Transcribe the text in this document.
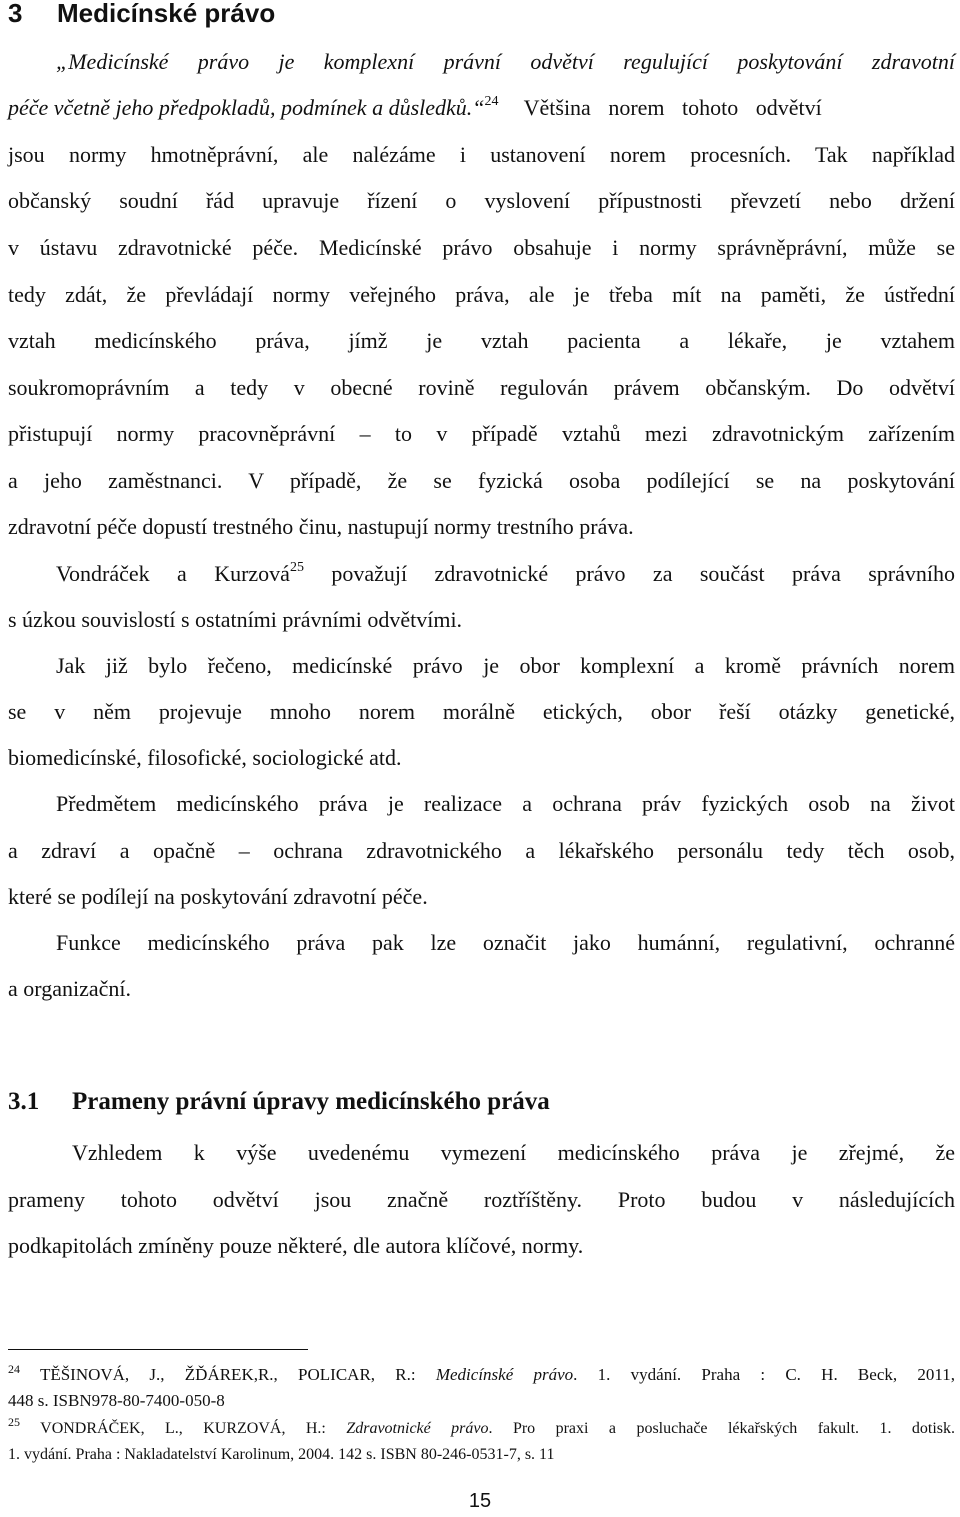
3 Medicínské právo
„Medicínské právo je komplexní právní odvětví regulující poskytování zdravotní
péče včetně jeho předpokladů, podmínek a důsledků.“$^{24}$ Většina norem tohoto odvětví
jsou normy hmotněprávní, ale nalézáme i ustanovení norem procesních. Tak například
občanský soudní řád upravuje řízení o vyslovení přípustnosti převzetí nebo držení
v ústavu zdravotnické péče. Medicínské právo obsahuje i normy správněprávní, může se
tedy zdát, že převládají normy veřejného práva, ale je třeba mít na paměti, že ústřední
vztah medicínského práva, jímž je vztah pacienta a lékaře, je vztahem
soukromoprávním a tedy v obecné rovině regulován právem občanským. Do odvětví
přistupují normy pracovněprávní – to v případě vztahů mezi zdravotnickým zařízením
a jeho zaměstnanci. V případě, že se fyzická osoba podílející se na poskytování
zdravotní péče dopustí trestného činu, nastupují normy trestního práva.
Vondráček a Kurzová$^{25}$ považují zdravotnické právo za součást práva správního
s úzkou souvislostí s ostatními právními odvětvími.
Jak již bylo řečeno, medicínské právo je obor komplexní a kromě právních norem
se v něm projevuje mnoho norem morálně etických, obor řeší otázky genetické,
biomedicínské, filosofické, sociologické atd.
Předmětem medicínského práva je realizace a ochrana práv fyzických osob na život
a zdraví a opačně – ochrana zdravotnického a lékařského personálu tedy těch osob,
které se podílejí na poskytování zdravotní péče.
Funkce medicínského práva pak lze označit jako humánní, regulativní, ochranné
a organizační.
3.1 Prameny právní úpravy medicínského práva
Vzhledem k výše uvedenému vymezení medicínského práva je zřejmé, že
prameny tohoto odvětví jsou značně roztříštěny. Proto budou v následujících
podkapitolách zmíněny pouze některé, dle autora klíčové, normy.
$^{24}$ TĚŠINOVÁ, J., ŽĎÁREK,R., POLICAR, R.: Medicínské právo. 1. vydání. Praha : C. H. Beck, 2011,
448 s. ISBN978-80-7400-050-8
$^{25}$ VONDRÁČEK, L., KURZOVÁ, H.: Zdravotnické právo. Pro praxi a posluchače lékařských fakult. 1. dotisk.
1. vydání. Praha : Nakladatelství Karolinum, 2004. 142 s. ISBN 80-246-0531-7, s. 11
15
